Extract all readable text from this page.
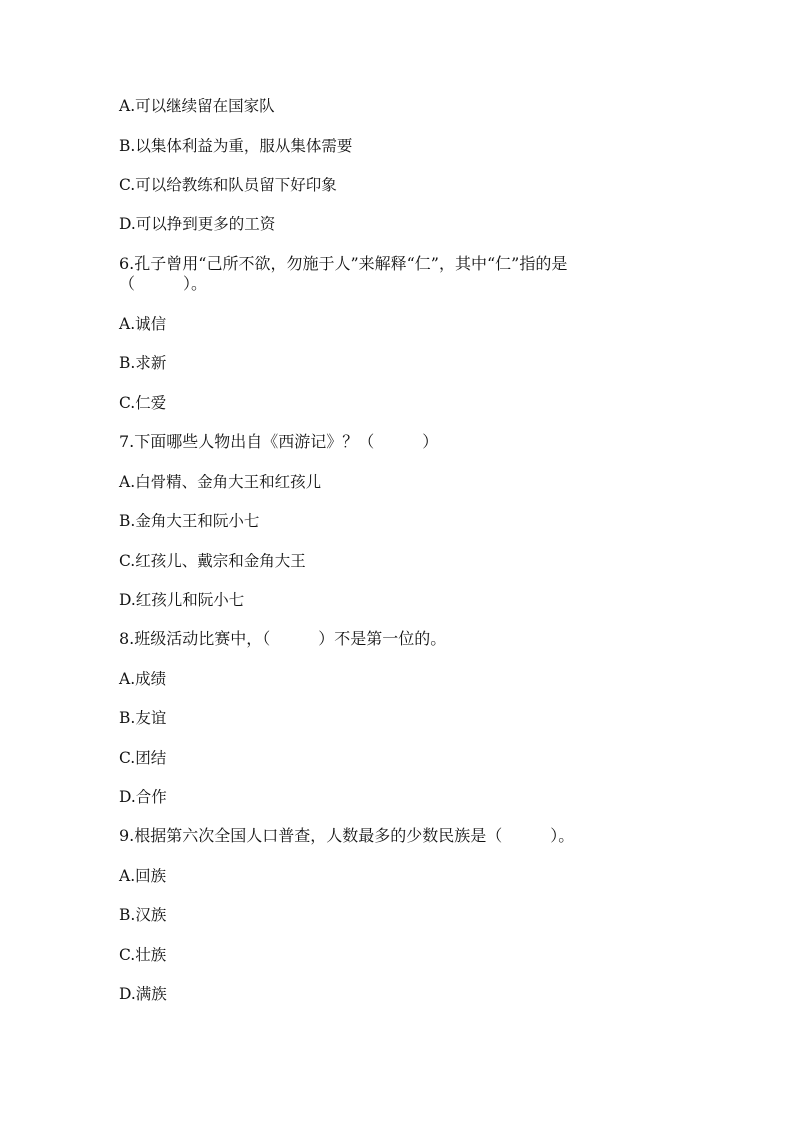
A.可以继续留在国家队
B.以集体利益为重，服从集体需要
C.可以给教练和队员留下好印象
D.可以挣到更多的工资
6.孔子曾用“己所不欲，勿施于人”来解释“仁”，其中“仁”指的是
（　　　）。
A.诚信
B.求新
C.仁爱
7.下面哪些人物出自《西游记》？（　　　）
A.白骨精、金角大王和红孩儿
B.金角大王和阮小七
C.红孩儿、戴宗和金角大王
D.红孩儿和阮小七
8.班级活动比赛中，（　　　）不是第一位的。
A.成绩
B.友谊
C.团结
D.合作
9.根据第六次全国人口普查，人数最多的少数民族是（　　　）。
A.回族
B.汉族
C.壮族
D.满族
